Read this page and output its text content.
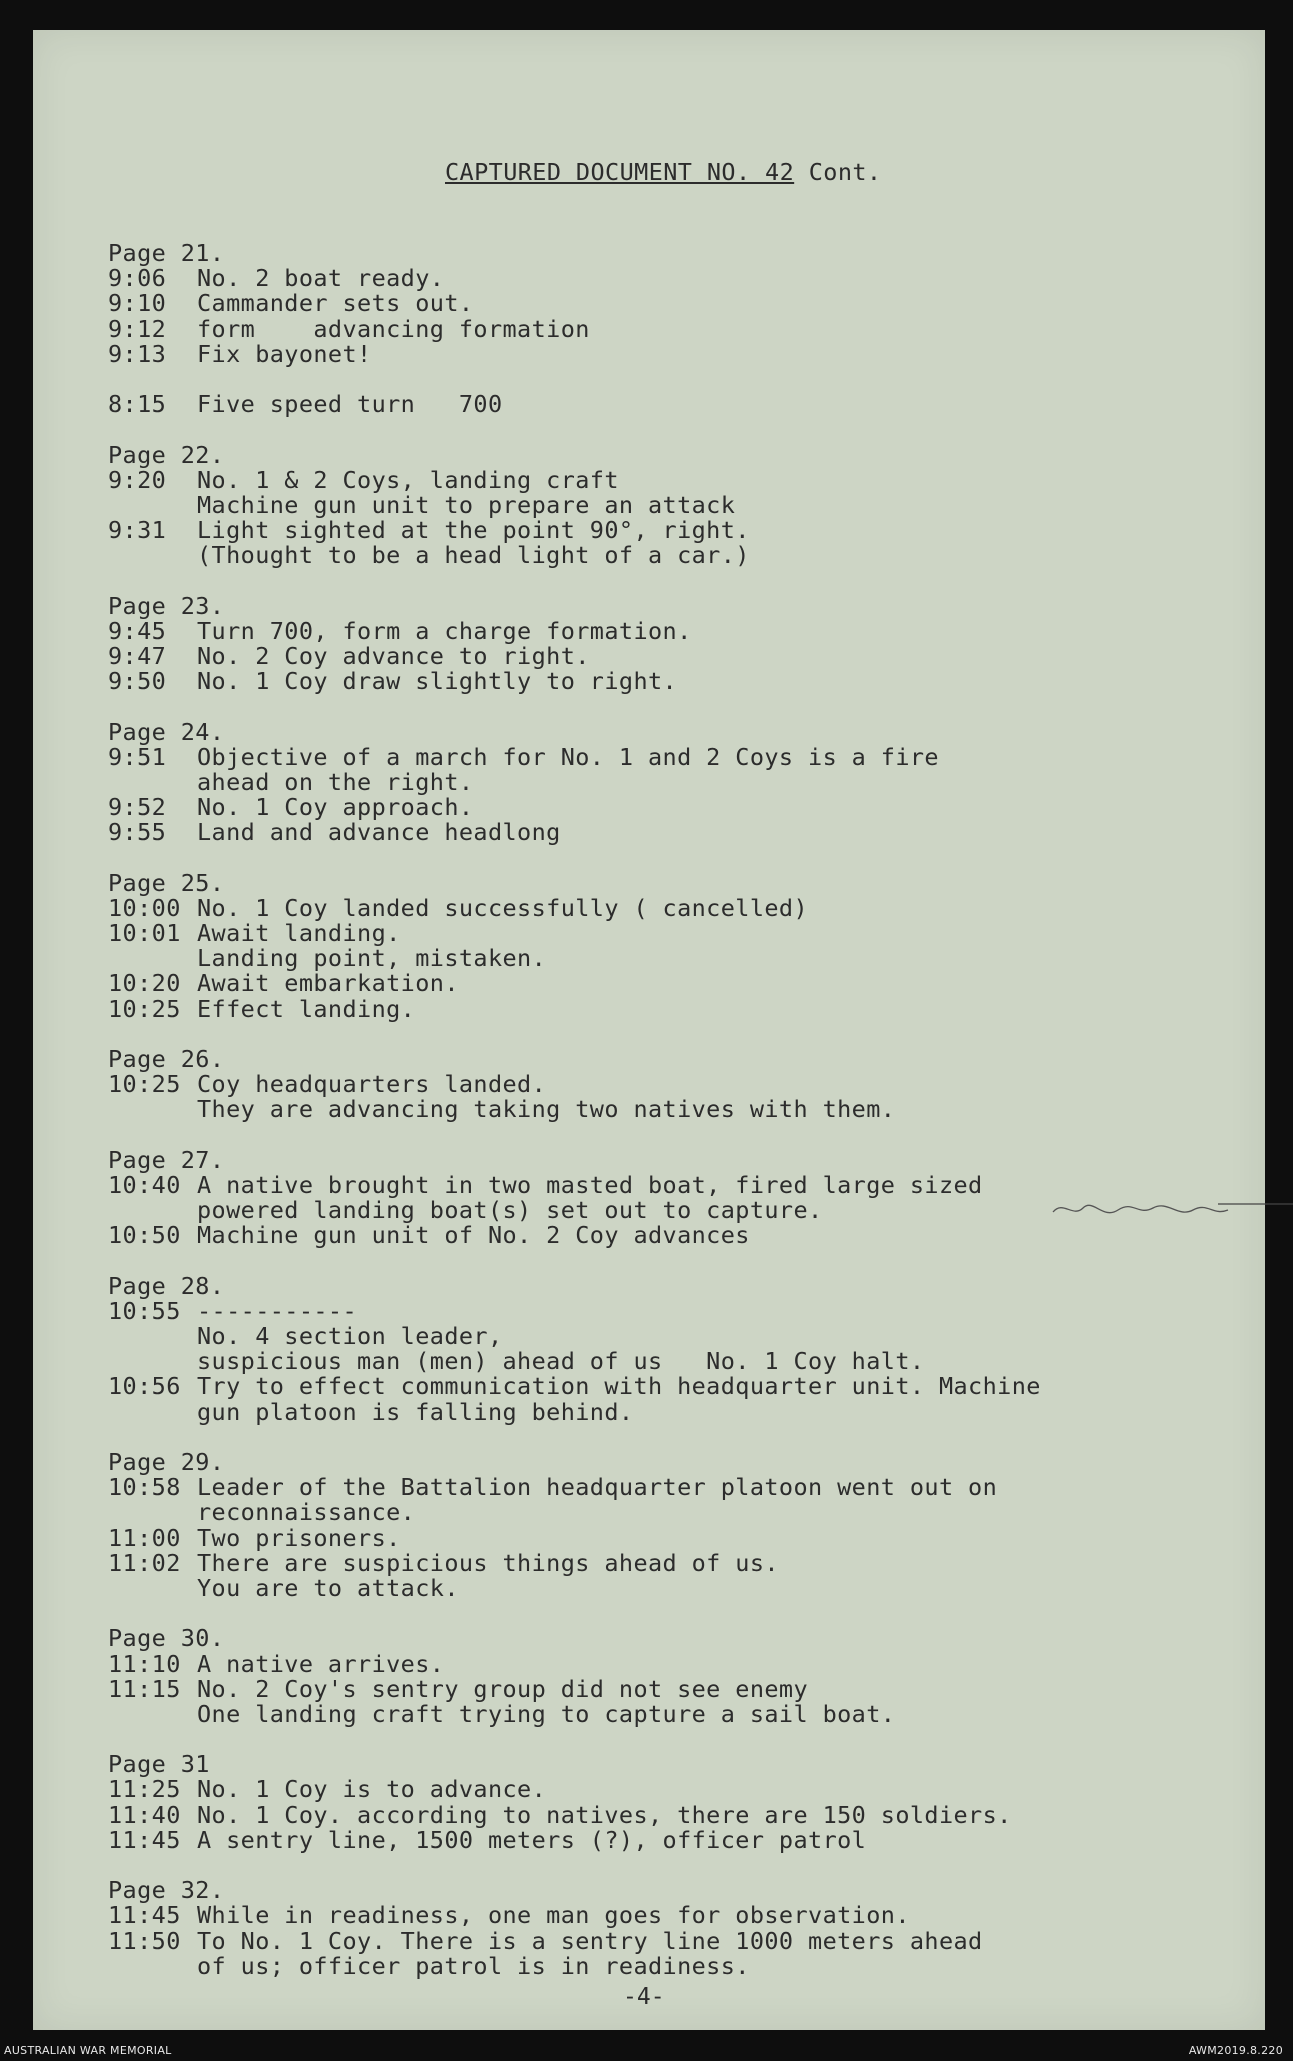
CAPTURED DOCUMENT NO. 42 Cont.
Page 21.
9:06 No. 2 boat ready.
9:10 Cammander sets out.
9:12 form    advancing formation
9:13 Fix bayonet!
8:15 Five speed turn   700
Page 22.
9:20 No. 1 & 2 Coys, landing craft
Machine gun unit to prepare an attack
9:31 Light sighted at the point 90°, right.
(Thought to be a head light of a car.)
Page 23.
9:45 Turn 700, form a charge formation.
9:47 No. 2 Coy advance to right.
9:50 No. 1 Coy draw slightly to right.
Page 24.
9:51 Objective of a march for No. 1 and 2 Coys is a fire
ahead on the right.
9:52 No. 1 Coy approach.
9:55 Land and advance headlong
Page 25.
10:00 No. 1 Coy landed successfully ( cancelled)
10:01 Await landing.
Landing point, mistaken.
10:20 Await embarkation.
10:25 Effect landing.
Page 26.
10:25 Coy headquarters landed.
They are advancing taking two natives with them.
Page 27.
10:40 A native brought in two masted boat, fired large sized
powered landing boat(s) set out to capture.
10:50 Machine gun unit of No. 2 Coy advances
Page 28.
10:55 -----------
No. 4 section leader,
suspicious man (men) ahead of us   No. 1 Coy halt.
10:56 Try to effect communication with headquarter unit. Machine
gun platoon is falling behind.
Page 29.
10:58 Leader of the Battalion headquarter platoon went out on
reconnaissance.
11:00 Two prisoners.
11:02 There are suspicious things ahead of us.
You are to attack.
Page 30.
11:10 A native arrives.
11:15 No. 2 Coy's sentry group did not see enemy
One landing craft trying to capture a sail boat.
Page 31
11:25 No. 1 Coy is to advance.
11:40 No. 1 Coy. according to natives, there are 150 soldiers.
11:45 A sentry line, 1500 meters (?), officer patrol
Page 32.
11:45 While in readiness, one man goes for observation.
11:50 To No. 1 Coy. There is a sentry line 1000 meters ahead
of us; officer patrol is in readiness.
-4-
AUSTRALIAN WAR MEMORIAL	AWM2019.8.220
